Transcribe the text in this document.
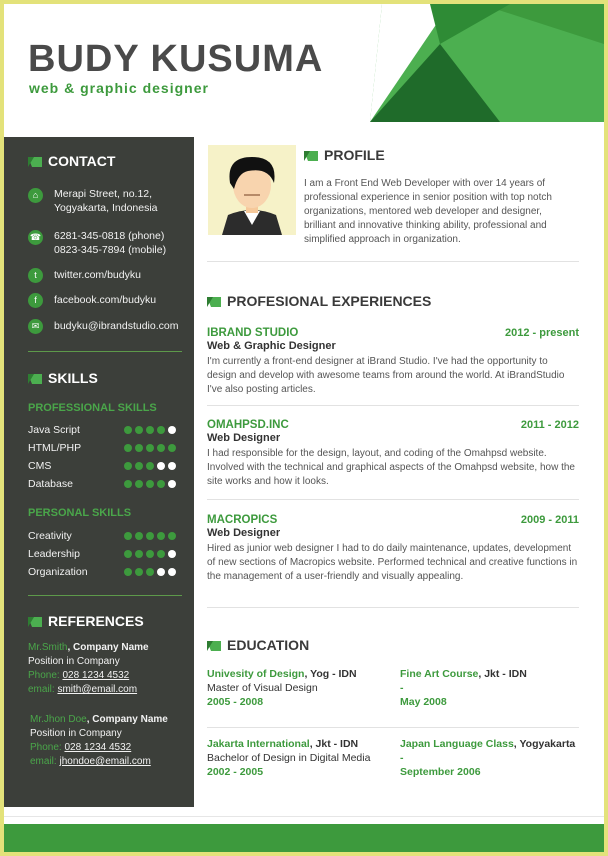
BUDY KUSUMA
web & graphic designer
CONTACT
⌂	Merapi Street, no.12,
Yogyakarta, Indonesia
☎ 6281-345-0818 (phone)
0823-345-7894 (mobile)
t	twitter.com/budyku
f	facebook.com/budyku
✉	budyku@ibrandstudio.com
SKILLS
PROFESSIONAL SKILLS
Java Script
HTML/PHP
CMS
Database
PERSONAL SKILLS
Creativity
Leadership
Organization
REFERENCES
Mr.Smith, Company Name
Position in Company
Phone: 028 1234 4532
email: smith@email.com
Mr.Jhon Doe, Company Name
Position in Company
Phone: 028 1234 4532
email: jhondoe@email.com
PROFILE
I am a Front End Web Developer with over 14 years of professional experience in senior position with top notch organizations, mentored web developer and designer, brilliant and innovative thinking ability, professional and simplified approach in organization.
PROFESIONAL EXPERIENCES
IBRAND STUDIO	2012 - present
Web & Graphic Designer
I'm currently a front-end designer at iBrand Studio. I've had the opportunity to design and develop with awesome teams from around the world. At iBrandStudio I've also posting articles.
OMAHPSD.INC	2011 - 2012
Web Designer
I had responsible for the design, layout, and coding of the Omahpsd website. Involved with the technical and graphical aspects of the Omahpsd website, how the site works and how it looks.
MACROPICS	2009 - 2011
Web Designer
Hired as junior web designer I had to do daily maintenance, updates, development of new sections of Macropics website. Performed technical and creative functions in the management of a user-friendly and visually appealing.
EDUCATION
Univesity of Design, Yog - IDN
Master of Visual Design
2005 - 2008
Fine Art Course, Jkt - IDN
-
May 2008
Jakarta International, Jkt - IDN
Bachelor of Design in Digital Media
2002 - 2005
Japan Language Class, Yogyakarta
-
September 2006
